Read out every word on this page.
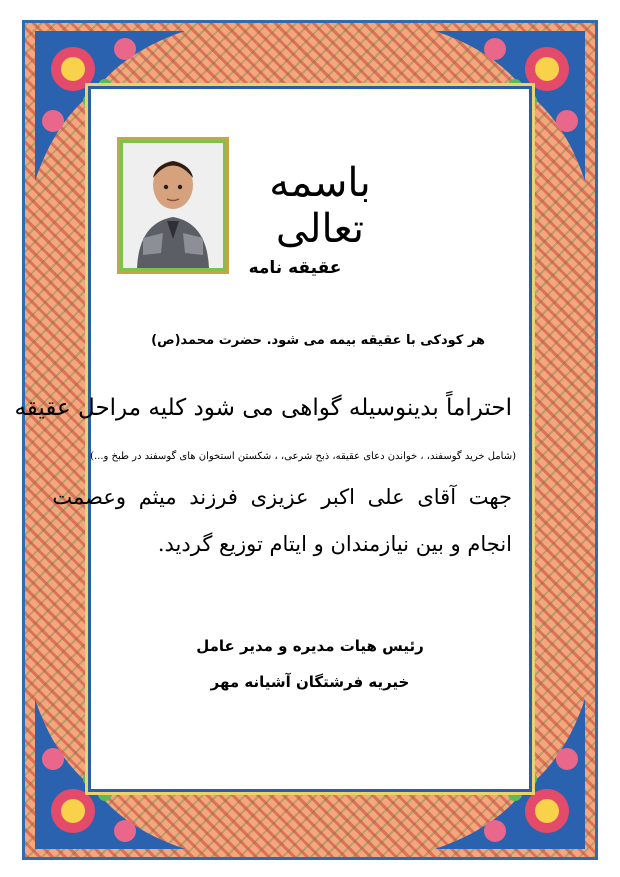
باسمه تعالی
عقیقه نامه
هر کودکی با عقیقه بیمه می شود. حضرت محمد(ص)
احتراماً بدینوسیله گواهی می شود کلیه مراحل عقیقه
(شامل خرید گوسفند، ، خواندن دعای عقیقه، ذبح شرعی، ، شکستن استخوان های گوسفند در طبخ و...)
جهت آقای علی اکبر عزیزی فرزند میثم وعصمت
انجام و بین نیازمندان و ایتام توزیع گردید.
رئیس هیات مدیره و مدیر عامل
خیریه فرشتگان آشیانه مهر
